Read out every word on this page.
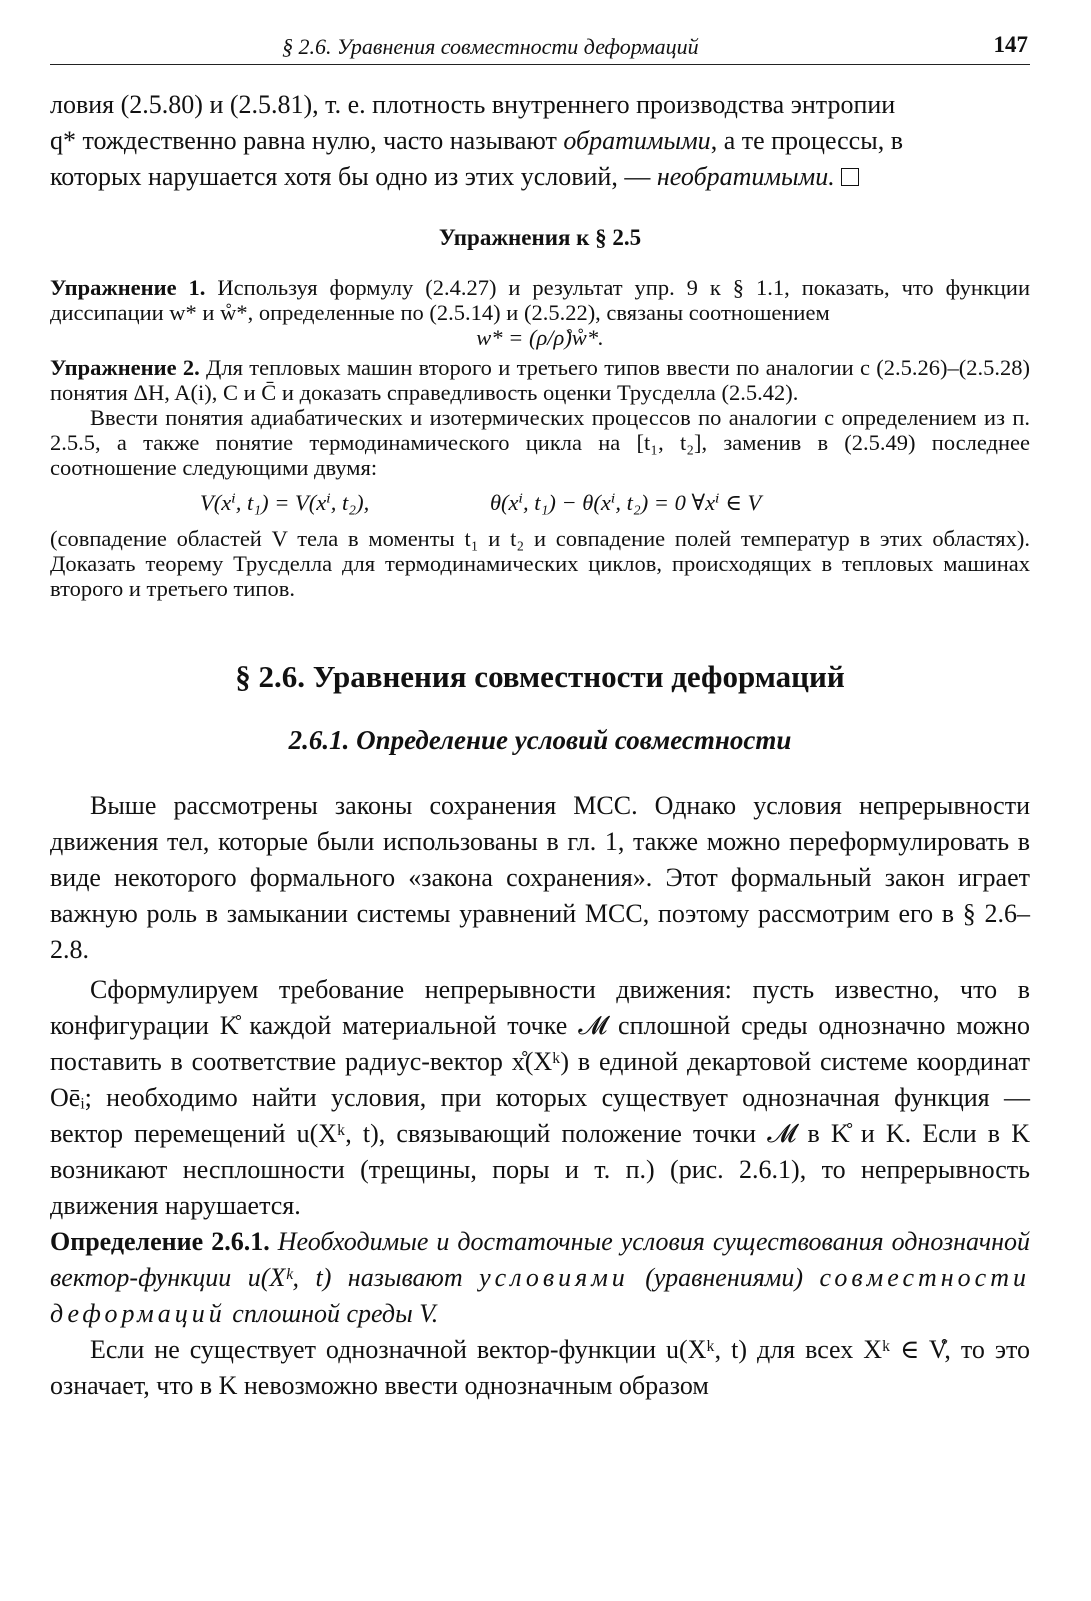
§ 2.6. Уравнения совместности деформаций	147

ловия (2.5.80) и (2.5.81), т. е. плотность внутреннего производства энтропии
q* тождественно равна нулю, часто называют обратимыми, а те процессы, в
которых нарушается хотя бы одно из этих условий, — необратимыми.

Упражнения к § 2.5

Упражнение 1. Используя формулу (2.4.27) и результат упр. 9 к § 1.1, показать, что функции диссипации w* и ẘ*, определенные по (2.5.14) и (2.5.22), связаны соотношением

w* = (ρ/ρ̊)ẘ*.

Упражнение 2. Для тепловых машин второго и третьего типов ввести по аналогии с (2.5.26)–(2.5.28) понятия ΔH, A(i), C и C̄ и доказать справедливость оценки Трусделла (2.5.42).

Ввести понятия адиабатических и изотермических процессов по аналогии с определением из п. 2.5.5, а также понятие термодинамического цикла на [t₁, t₂], заменив в (2.5.49) последнее соотношение следующими двумя:

V(xⁱ, t₁) = V(xⁱ, t₂),	θ(xⁱ, t₁) − θ(xⁱ, t₂) = 0 ∀xⁱ ∈ V

(совпадение областей V тела в моменты t₁ и t₂ и совпадение полей температур в этих областях). Доказать теорему Трусделла для термодинамических циклов, происходящих в тепловых машинах второго и третьего типов.

§ 2.6. Уравнения совместности деформаций

2.6.1. Определение условий совместности

Выше рассмотрены законы сохранения МСС. Однако условия непрерывности движения тел, которые были использованы в гл. 1, также можно переформулировать в виде некоторого формального «закона сохранения». Этот формальный закон играет важную роль в замыкании системы уравнений МСС, поэтому рассмотрим его в § 2.6–2.8.

Сформулируем требование непрерывности движения: пусть известно, что в конфигурации K̊ каждой материальной точке 𝓜 сплошной среды однозначно можно поставить в соответствие радиус-вектор x̊(Xᵏ) в единой декартовой системе координат Oēᵢ; необходимо найти условия, при которых существует однозначная функция — вектор перемещений u(Xᵏ, t), связывающий положение точки 𝓜 в K̊ и K. Если в K возникают несплошности (трещины, поры и т. п.) (рис. 2.6.1), то непрерывность движения нарушается.

Определение 2.6.1. Необходимые и достаточные условия существования однозначной вектор-функции u(Xᵏ, t) называют условиями (уравнениями) совместности деформаций сплошной среды V.

Если не существует однозначной вектор-функции u(Xᵏ, t) для всех Xᵏ ∈ V̊, то это означает, что в K невозможно ввести однозначным образом
